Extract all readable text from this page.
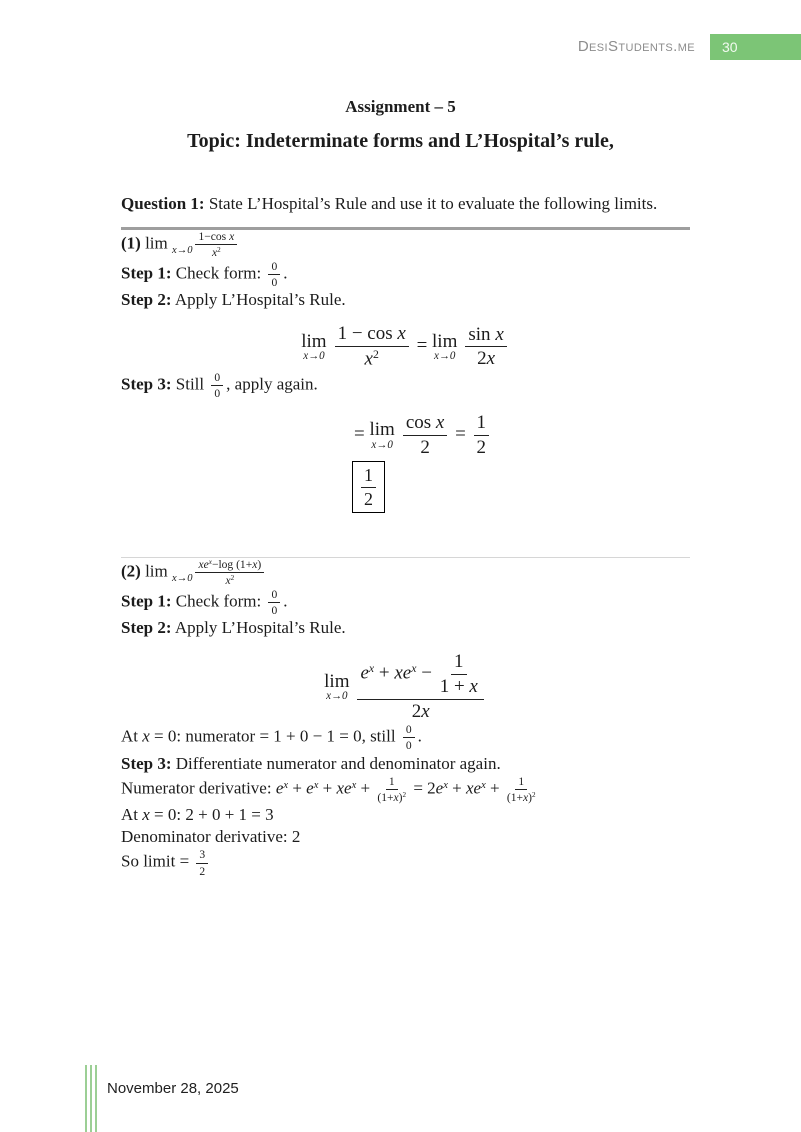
DesiStudents.me 30
Assignment – 5
Topic: Indeterminate forms and L’Hospital’s rule,

Question 1: State L’Hospital’s Rule and use it to evaluate the following limits.

(1) $\lim _{x\to 0} \frac{\text{1−cos x}}{x^2}$

Step 1: Check form: $\frac{0}{0}$ .

Step 2: Apply L’Hospital’s Rule.

lim
$x\to 0 \frac{\text{1 − cos x}}{x^2} = \lim$
$x\to 0 \frac{\text{sin x}}{2x}$

Step 3: Still $\frac{0}{0}$ , apply again.

= lim
$x\to 0 \frac{\text{cos x}}{2} = \frac{1}{2}$
1
2

(2) lim $_{x\to 0}$
$xe^x-\log$ (1+x)
$x^2$

Step 1: Check form: $\frac{0}{0}$ .

Step 2: Apply L’Hospital’s Rule.

lim
x→0
$e^x + xe^x - \frac{1}{1 + x}$
2x

At x = 0: numerator = 1 + 0 − 1 = 0, still $\frac{0}{0}$ .

Step 3: Differentiate numerator and denominator again.

Numerator derivative: $e^x + e^x + xe^x + \frac{1}{(1+x)^2} = 2e^x + xe^x + \frac{1}{(1+x)^2}$

At x = 0: 2 + 0 + 1 = 3

Denominator derivative: 2

So limit = $\frac{3}{2}$

November 28, 2025
